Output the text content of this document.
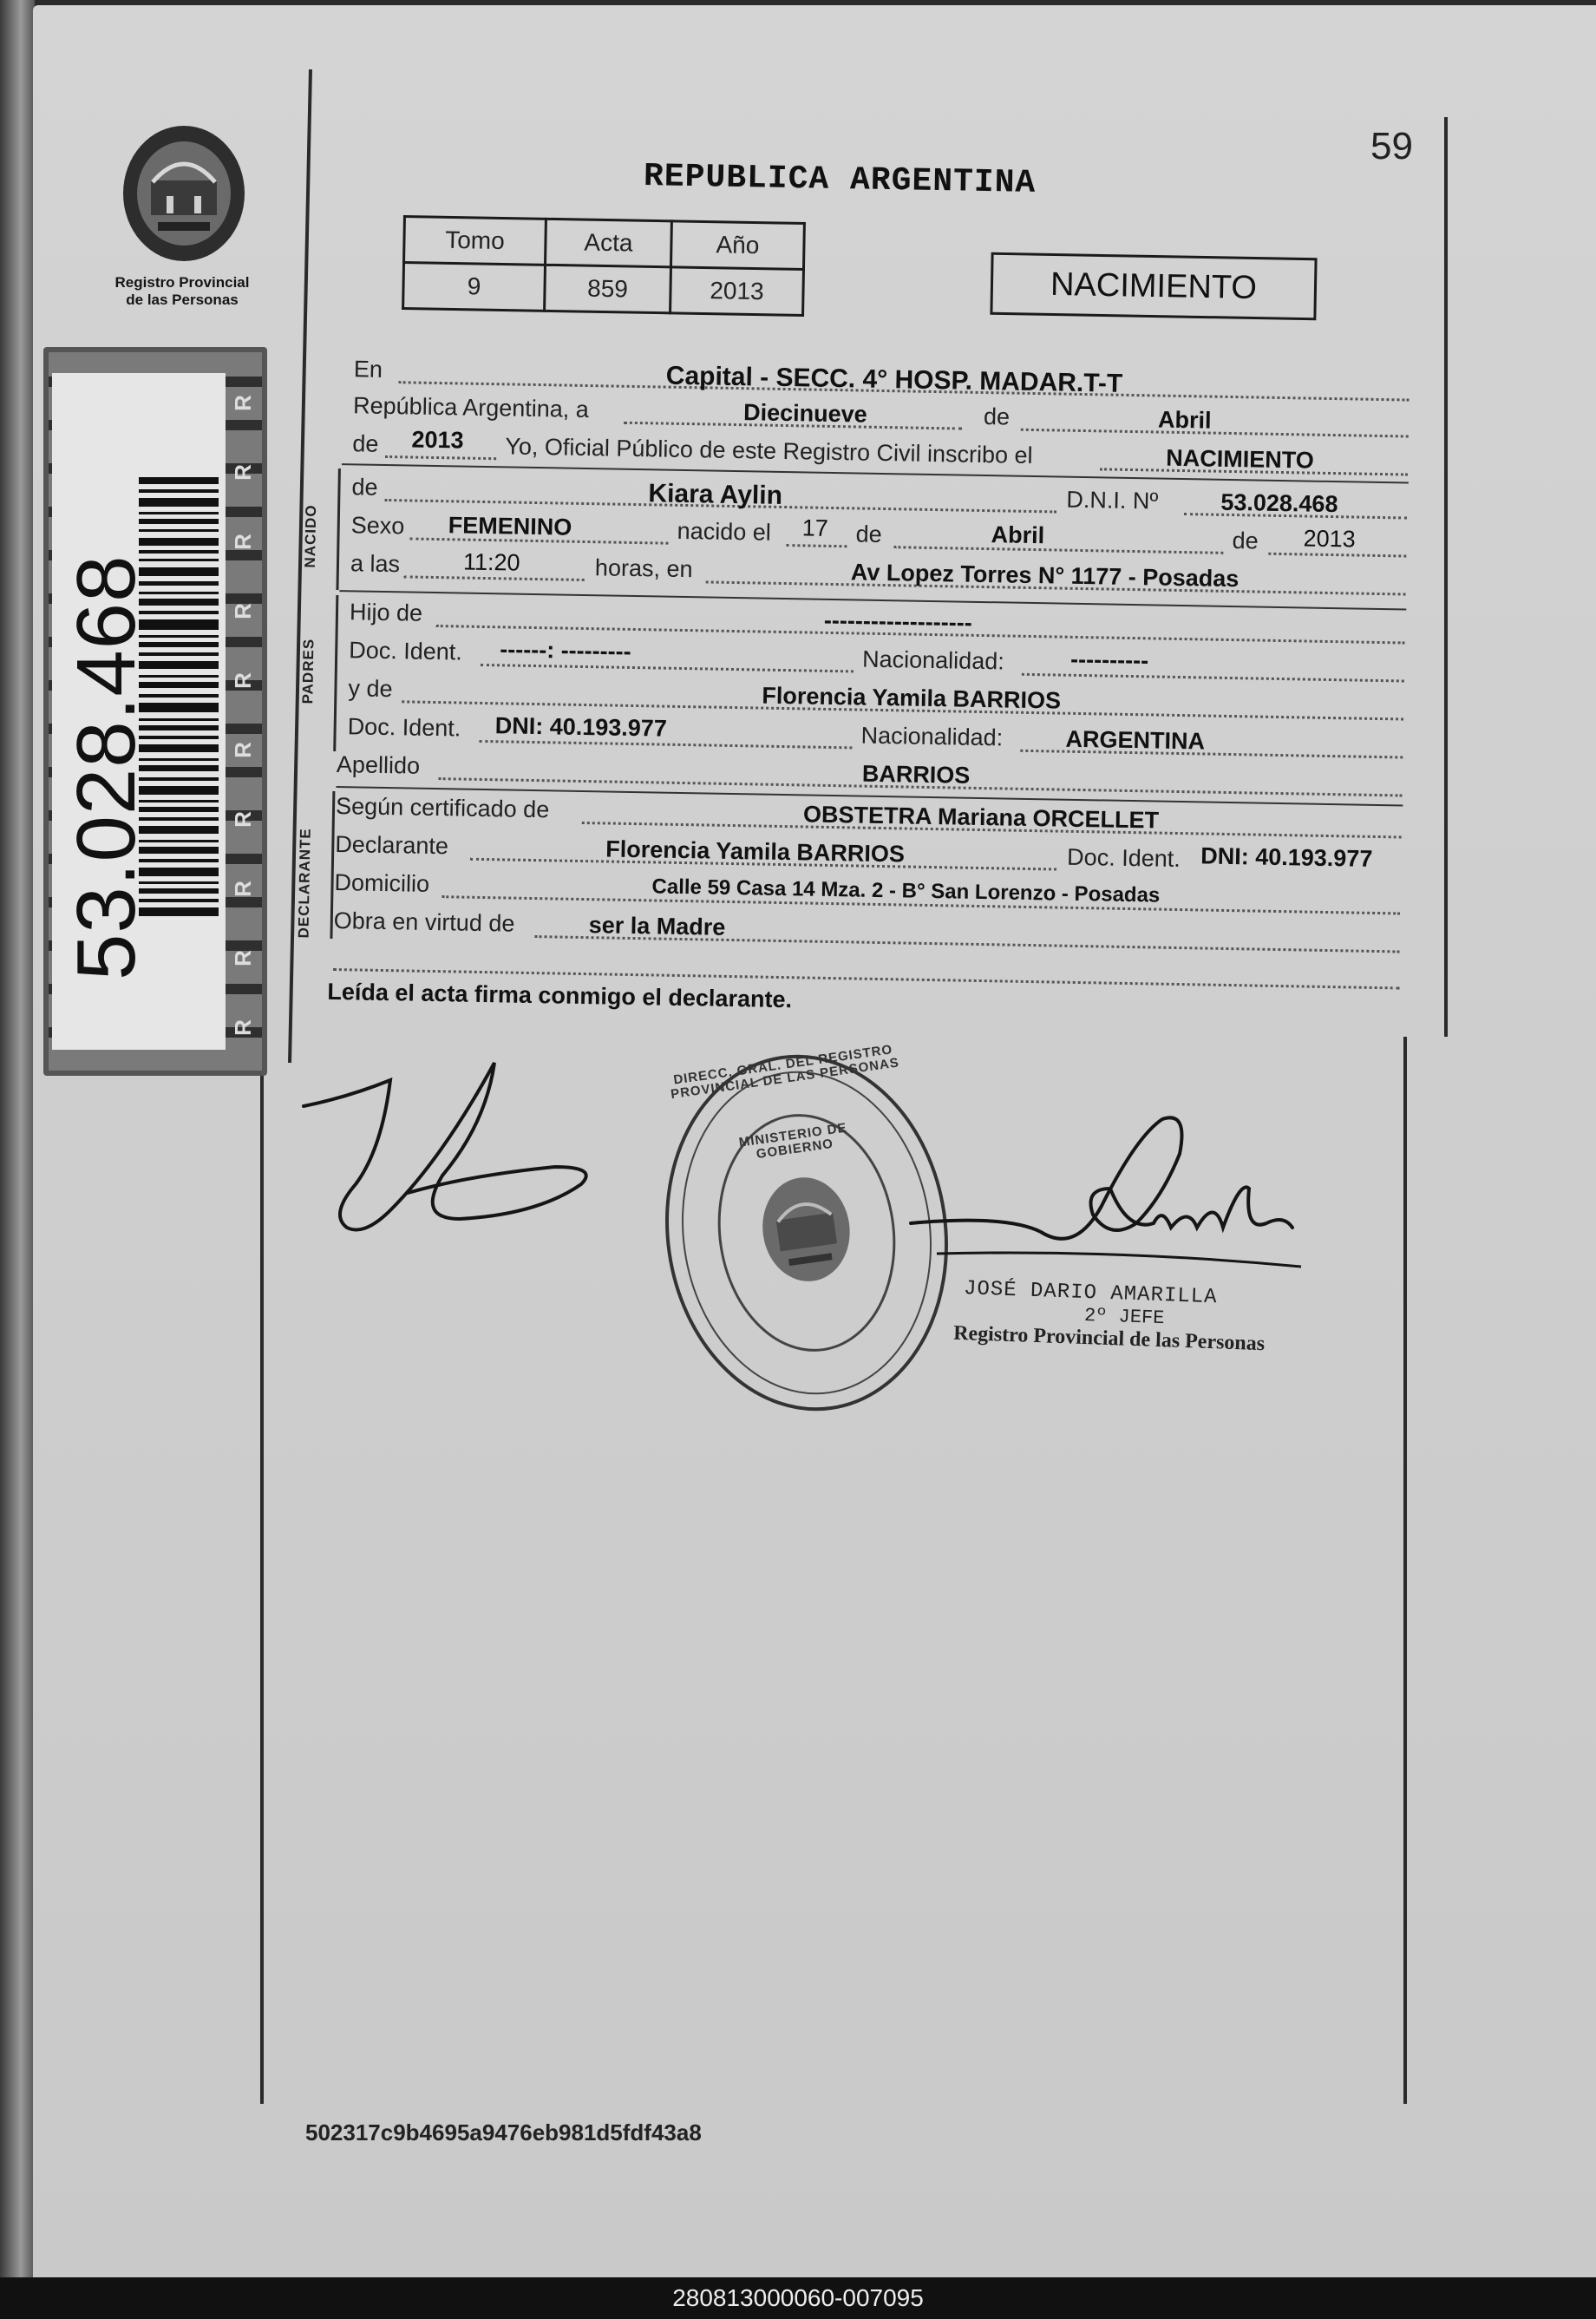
Registro Provincial
de las Personas
R
R
R
R
R
R
R
R
R
R
53.028.468
59
REPUBLICA ARGENTINA
Tomo	Acta	Año
9	859	2013	NACIMIENTO
En	Capital - SECC. 4° HOSP. MADAR.T-T
República Argentina, a	Diecinueve	de	Abril
de 2013 Yo, Oficial Público de este Registro Civil inscribo el	NACIMIENTO
NACIDO
de	Kiara Aylin	D.N.I. Nº	53.028.468
Sexo FEMENINO	nacido el 17 de	Abril	de 2013
a las	11:20	horas, en	Av Lopez Torres N° 1177 - Posadas
PADRES
Hijo de	-------------------
Doc. Ident. ------: ---------	Nacionalidad:	----------
y de	Florencia Yamila BARRIOS
Doc. Ident. DNI: 40.193.977	Nacionalidad:	ARGENTINA
Apellido	BARRIOS
DECLARANTE
Según certificado de	OBSTETRA Mariana ORCELLET
Declarante	Florencia Yamila BARRIOS	Doc. Ident. DNI: 40.193.977
Domicilio	Calle 59 Casa 14 Mza. 2 - B° San Lorenzo - Posadas
Obra en virtud de	ser la Madre
Leída el acta firma conmigo el declarante.
DIRECC. GRAL. DEL REGISTRO PROVINCIAL DE LAS PERSONAS
MINISTERIO DE GOBIERNO
JOSÉ DARIO AMARILLA
2º JEFE
Registro Provincial de las Personas
502317c9b4695a9476eb981d5fdf43a8
280813000060-007095
